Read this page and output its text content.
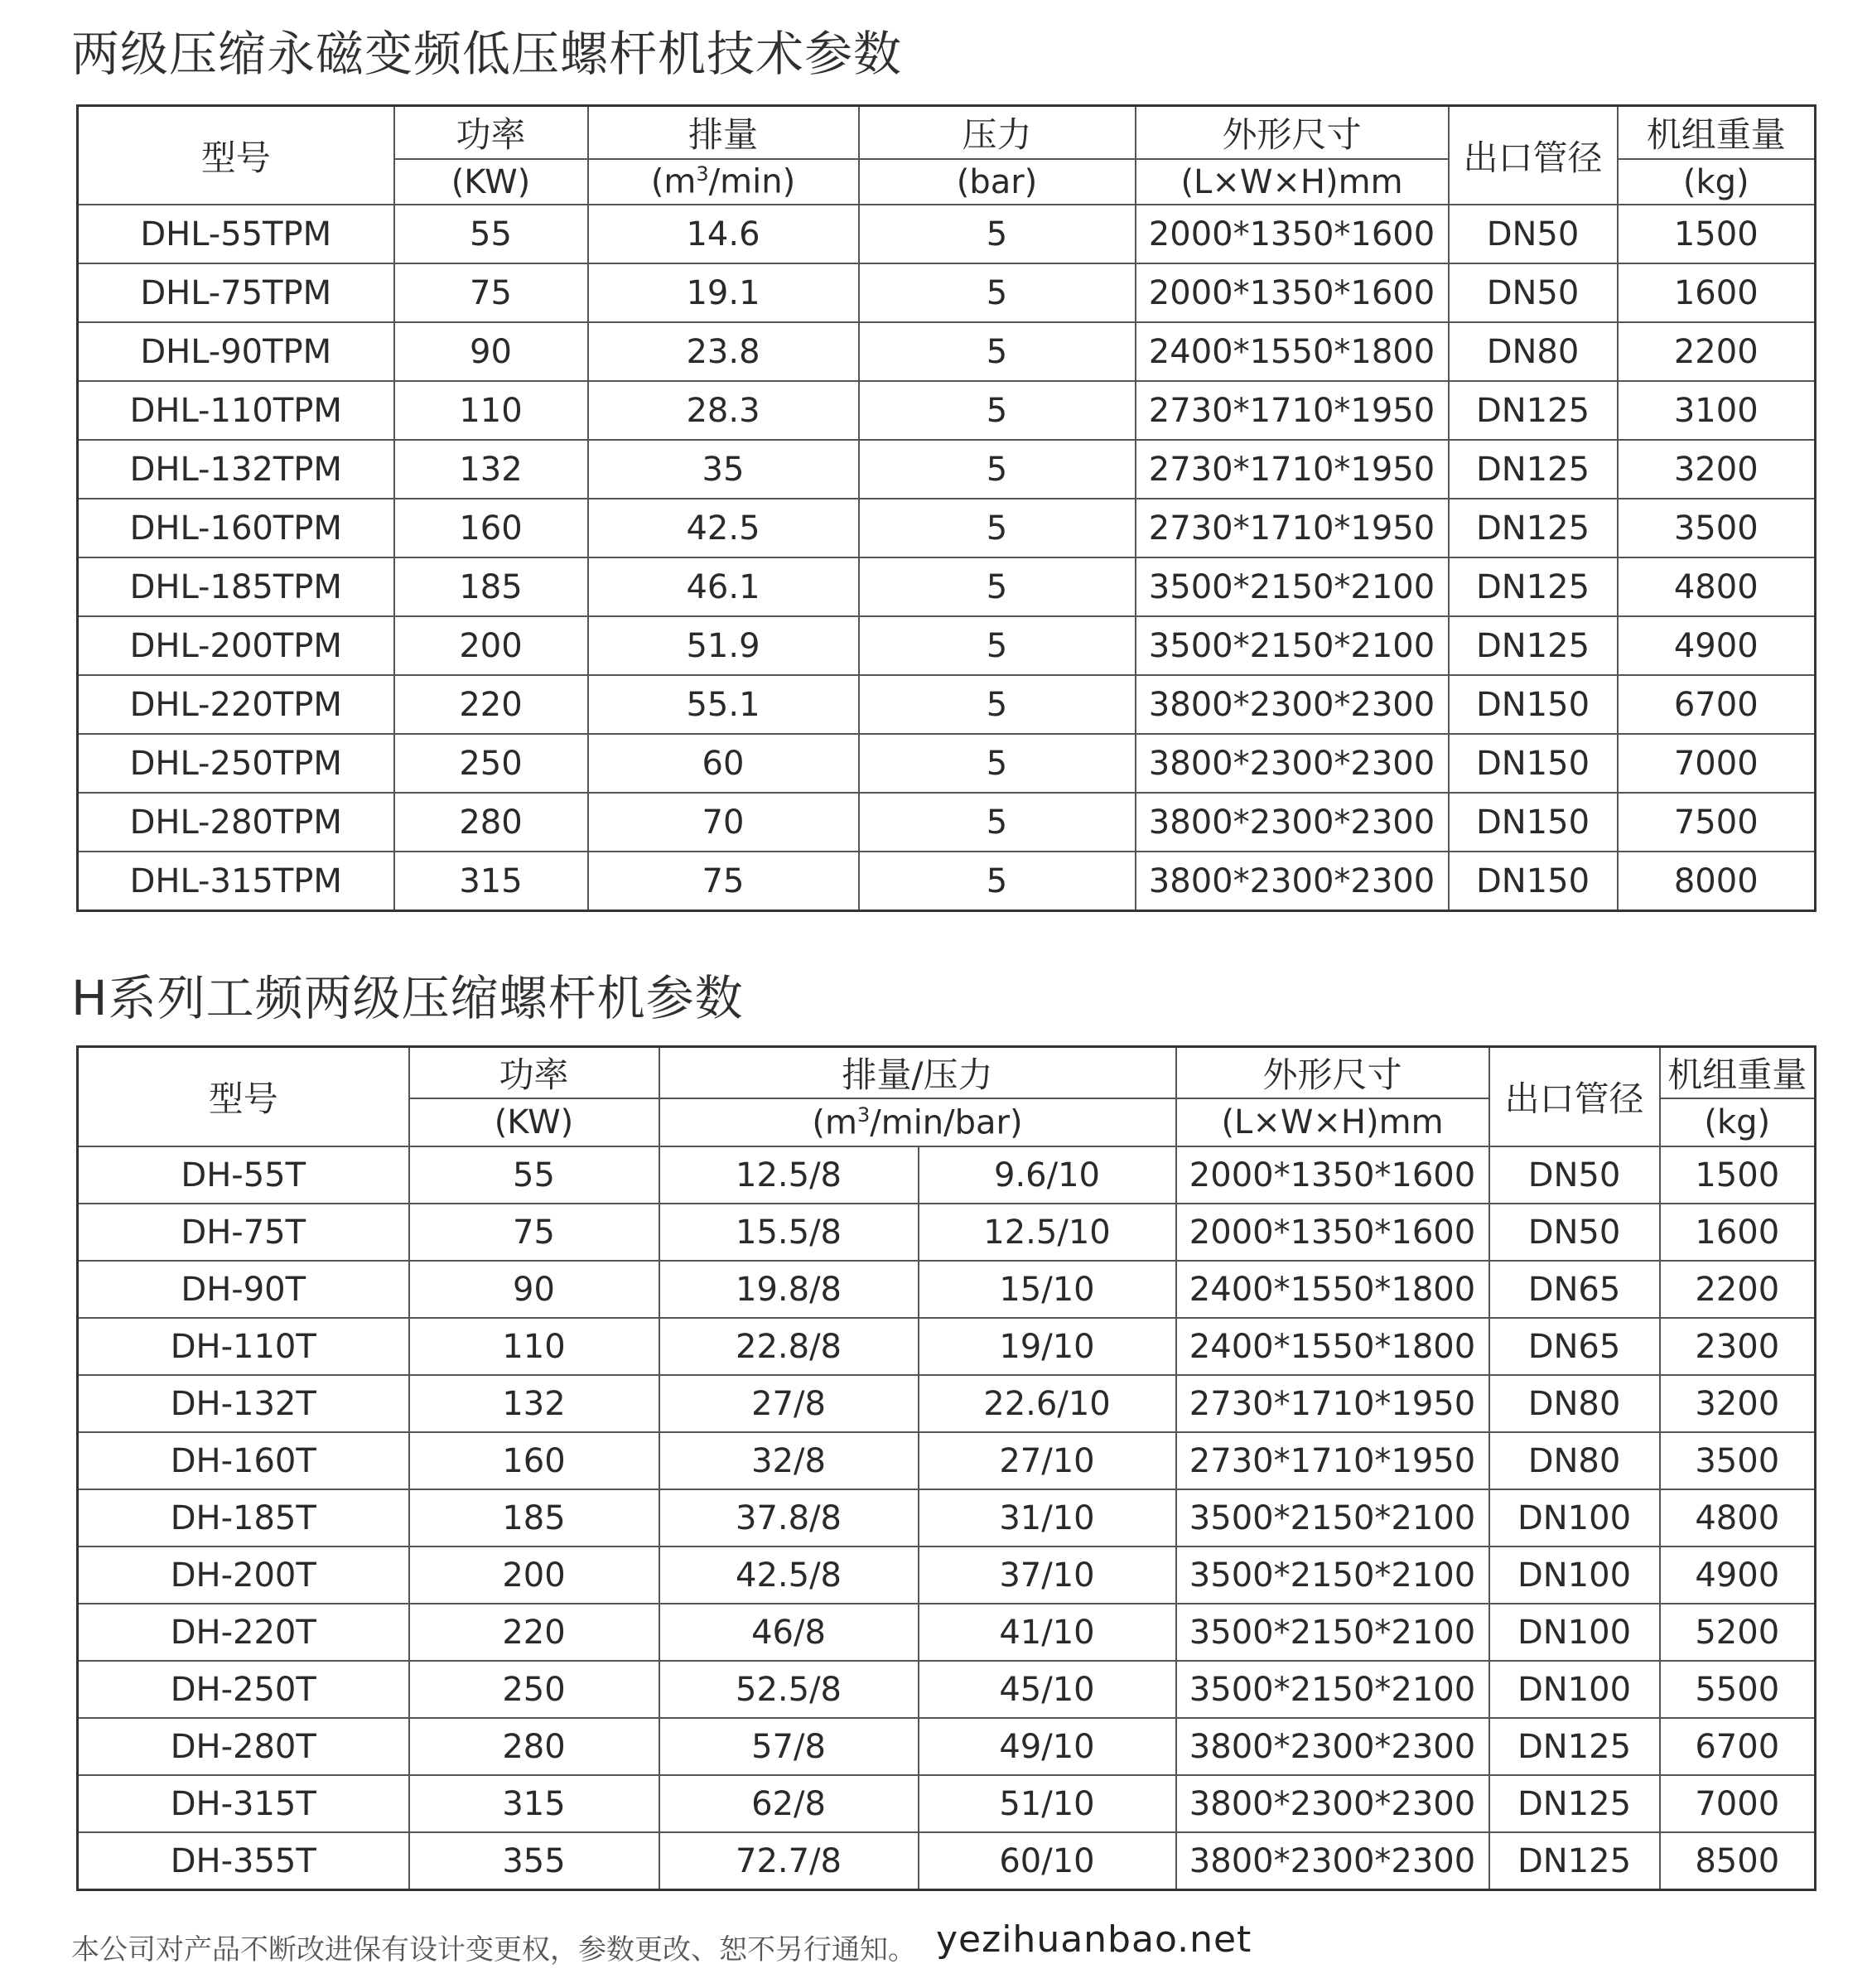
两级压缩永磁变频低压螺杆机技术参数
型号	功率	排量	压力	外形尺寸	出口管径	机组重量
	(KW)	$(m^3/\min)$	(bar)	(L×W×H)mm		(kg)
DHL-55TPM	55	14.6	5	2000*1350*1600	DN50	1500
DHL-75TPM	75	19.1	5	2000*1350*1600	DN50	1600
DHL-90TPM	90	23.8	5	2400*1550*1800	DN80	2200
DHL-110TPM	110	28.3	5	2730*1710*1950	DN125	3100
DHL-132TPM	132	35	5	2730*1710*1950	DN125	3200
DHL-160TPM	160	42.5	5	2730*1710*1950	DN125	3500
DHL-185TPM	185	46.1	5	3500*2150*2100	DN125	4800
DHL-200TPM	200	51.9	5	3500*2150*2100	DN125	4900
DHL-220TPM	220	55.1	5	3800*2300*2300	DN150	6700
DHL-250TPM	250	60	5	3800*2300*2300	DN150	7000
DHL-280TPM	280	70	5	3800*2300*2300	DN150	7500
DHL-315TPM	315	75	5	3800*2300*2300	DN150	8000
H系列工频两级压缩螺杆机参数
型号	功率	排量/压力		外形尺寸	出口管径	机组重量
	(KW)	$(m^3/\min/bar)$		(L×W×H)mm		(kg)
DH-55T	55	12.5/8	9.6/10	2000*1350*1600	DN50	1500
DH-75T	75	15.5/8	12.5/10	2000*1350*1600	DN50	1600
DH-90T	90	19.8/8	15/10	2400*1550*1800	DN65	2200
DH-110T	110	22.8/8	19/10	2400*1550*1800	DN65	2300
DH-132T	132	27/8	22.6/10	2730*1710*1950	DN80	3200
DH-160T	160	32/8	27/10	2730*1710*1950	DN80	3500
DH-185T	185	37.8/8	31/10	3500*2150*2100	DN100	4800
DH-200T	200	42.5/8	37/10	3500*2150*2100	DN100	4900
DH-220T	220	46/8	41/10	3500*2150*2100	DN100	5200
DH-250T	250	52.5/8	45/10	3500*2150*2100	DN100	5500
DH-280T	280	57/8	49/10	3800*2300*2300	DN125	6700
DH-315T	315	62/8	51/10	3800*2300*2300	DN125	7000
DH-355T	355	72.7/8	60/10	3800*2300*2300	DN125	8500
本公司对产品不断改进保有设计变更权，参数更改、恕不另行通知。 yezihuanbao.net
